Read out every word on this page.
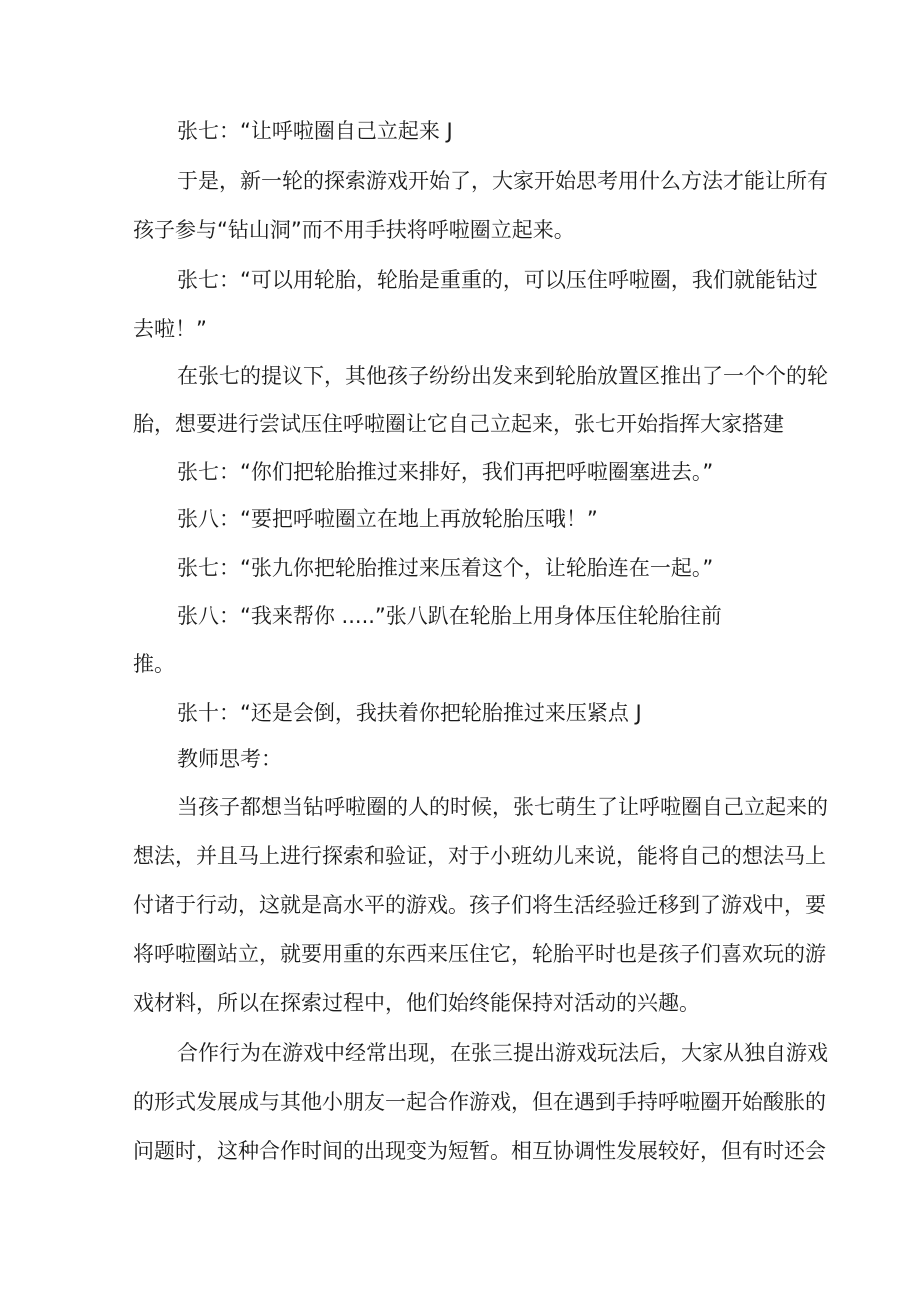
张七：“让呼啦圈自己立起来 J
于是，新一轮的探索游戏开始了，大家开始思考用什么方法才能让所有
孩子参与“钻山洞”而不用手扶将呼啦圈立起来。
张七：“可以用轮胎，轮胎是重重的，可以压住呼啦圈，我们就能钻过
去啦！”
在张七的提议下，其他孩子纷纷出发来到轮胎放置区推出了一个个的轮
胎，想要进行尝试压住呼啦圈让它自己立起来，张七开始指挥大家搭建
张七：“你们把轮胎推过来排好，我们再把呼啦圈塞进去。”
张八：“要把呼啦圈立在地上再放轮胎压哦！”
张七：“张九你把轮胎推过来压着这个，让轮胎连在一起。”
张八：“我来帮你 .....”张八趴在轮胎上用身体压住轮胎往前
推。
张十：“还是会倒，我扶着你把轮胎推过来压紧点 J
教师思考：
当孩子都想当钻呼啦圈的人的时候，张七萌生了让呼啦圈自己立起来的
想法，并且马上进行探索和验证，对于小班幼儿来说，能将自己的想法马上
付诸于行动，这就是高水平的游戏。孩子们将生活经验迁移到了游戏中，要
将呼啦圈站立，就要用重的东西来压住它，轮胎平时也是孩子们喜欢玩的游
戏材料，所以在探索过程中，他们始终能保持对活动的兴趣。
合作行为在游戏中经常出现，在张三提出游戏玩法后，大家从独自游戏
的形式发展成与其他小朋友一起合作游戏，但在遇到手持呼啦圈开始酸胀的
问题时，这种合作时间的出现变为短暂。相互协调性发展较好，但有时还会
